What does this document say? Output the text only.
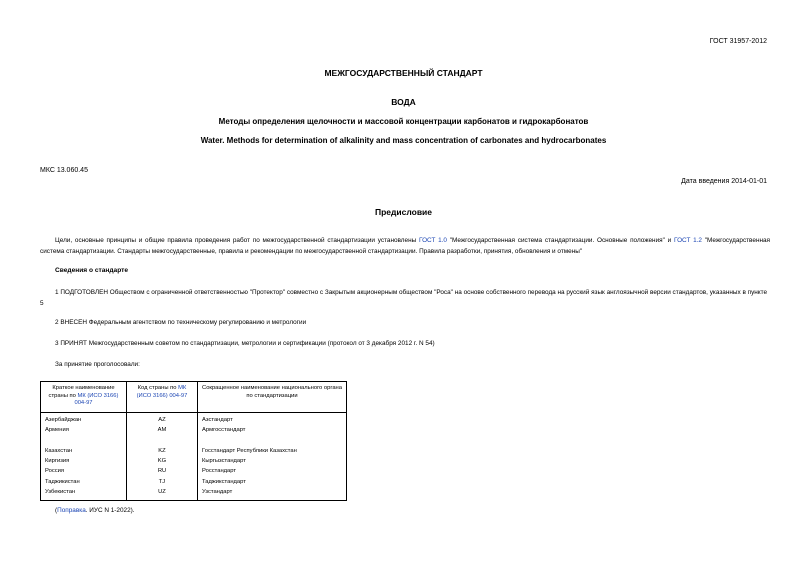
ГОСТ 31957-2012
МЕЖГОСУДАРСТВЕННЫЙ СТАНДАРТ
ВОДА
Методы определения щелочности и массовой концентрации карбонатов и гидрокарбонатов
Water. Methods for determination of alkalinity and mass concentration of carbonates and hydrocarbonates
МКС 13.060.45
Дата введения 2014-01-01
Предисловие
Цели, основные принципы и общие правила проведения работ по межгосударственной стандартизации установлены ГОСТ 1.0 "Межгосударственная система стандартизации. Основные положения" и ГОСТ 1.2 "Межгосударственная система стандартизации. Стандарты межгосударственные, правила и рекомендации по межгосударственной стандартизации. Правила разработки, принятия, обновления и отмены"
Сведения о стандарте
1 ПОДГОТОВЛЕН Обществом с ограниченной ответственностью "Протектор" совместно с Закрытым акционерным обществом "Роса" на основе собственного перевода на русский язык англоязычной версии стандартов, указанных в пункте 5
2 ВНЕСЕН Федеральным агентством по техническому регулированию и метрологии
3 ПРИНЯТ Межгосударственным советом по стандартизации, метрологии и сертификации (протокол от 3 декабря 2012 г. N 54)
За принятие проголосовали:
Краткое наименование страны по МК (ИСО 3166) 004-97	Код страны по МК (ИСО 3166) 004-97	Сокращенное наименование национального органа по стандартизации
Азербайджан	AZ	Азстандарт
Армения	AM	Армгосстандарт

Казахстан	KZ	Госстандарт Республики Казахстан
Киргизия	KG	Кыргызстандарт
Россия	RU	Росстандарт
Таджикистан	TJ	Таджикстандарт
Узбекистан	UZ	Узстандарт
(Поправка. ИУС N 1-2022).
